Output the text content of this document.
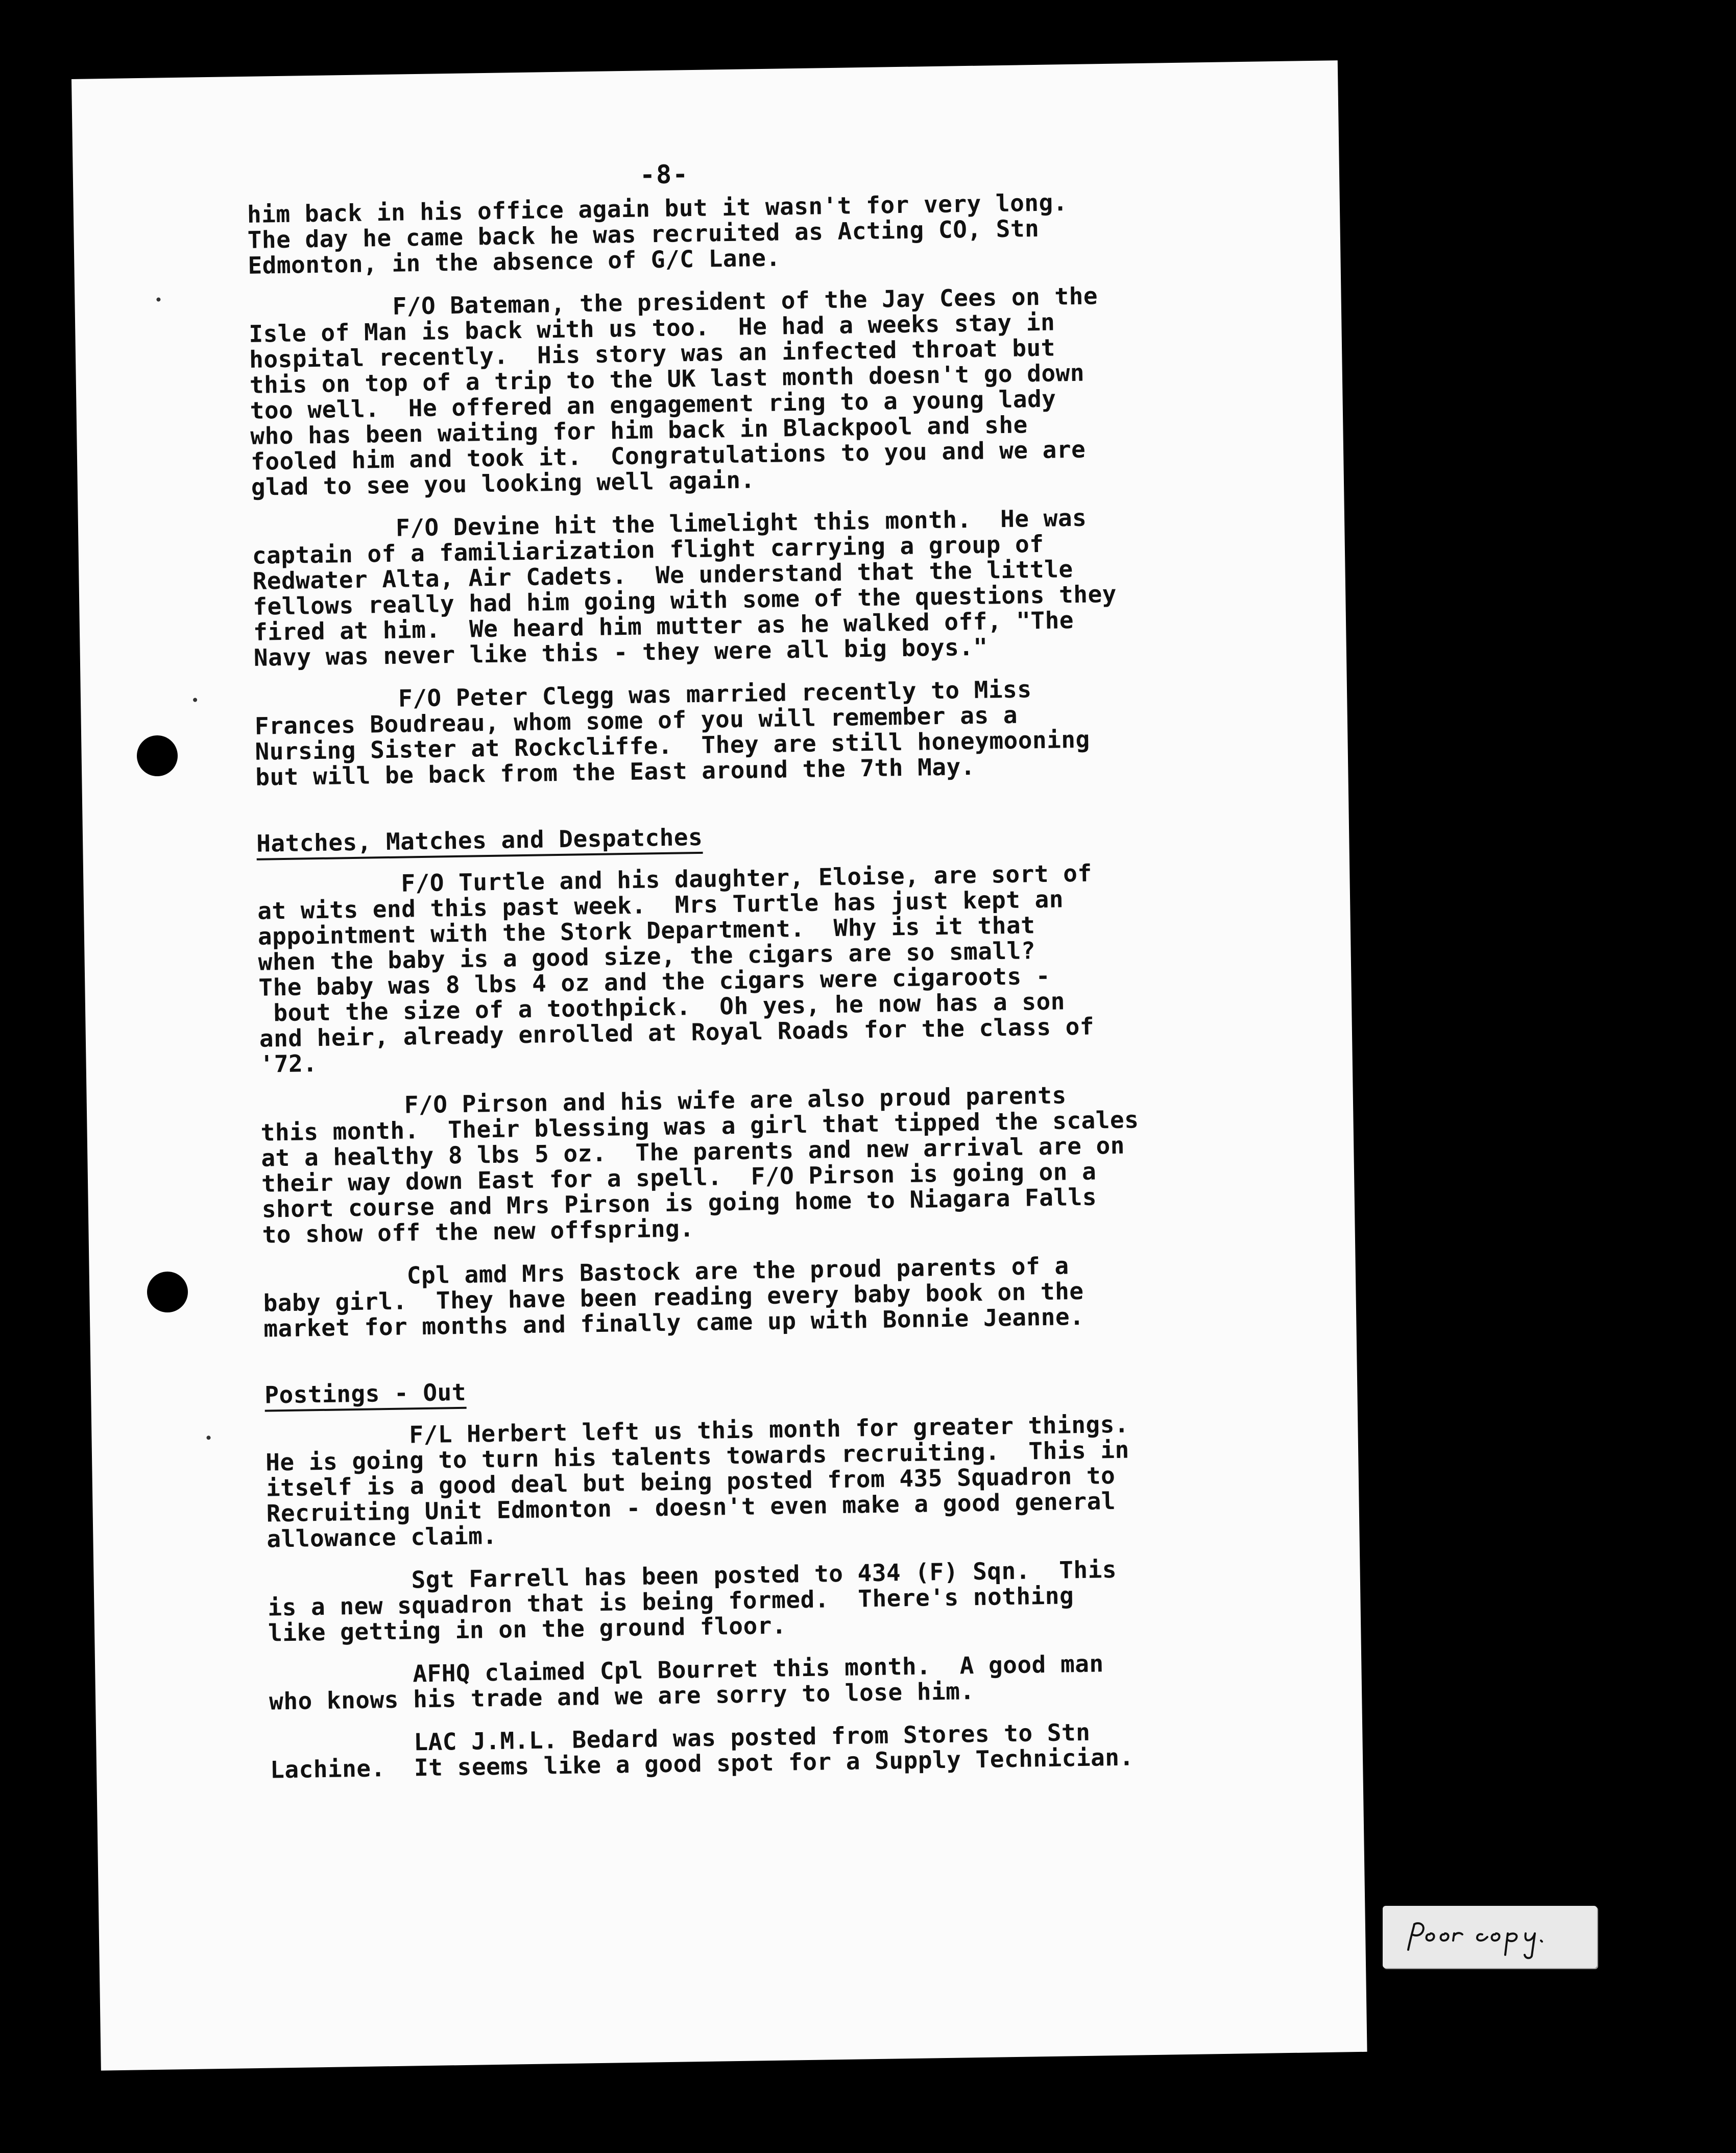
-8-

him back in his office again but it wasn't for very long.
The day he came back he was recruited as Acting CO, Stn
Edmonton, in the absence of G/C Lane.

F/O Bateman, the president of the Jay Cees on the
Isle of Man is back with us too.  He had a weeks stay in
hospital recently.  His story was an infected throat but
this on top of a trip to the UK last month doesn't go down
too well.  He offered an engagement ring to a young lady
who has been waiting for him back in Blackpool and she
fooled him and took it.  Congratulations to you and we are
glad to see you looking well again.

F/O Devine hit the limelight this month.  He was
captain of a familiarization flight carrying a group of
Redwater Alta, Air Cadets.  We understand that the little
fellows really had him going with some of the questions they
fired at him.  We heard him mutter as he walked off, "The
Navy was never like this - they were all big boys."

F/O Peter Clegg was married recently to Miss
Frances Boudreau, whom some of you will remember as a
Nursing Sister at Rockcliffe.  They are still honeymooning
but will be back from the East around the 7th May.

Hatches, Matches and Despatches

F/O Turtle and his daughter, Eloise, are sort of
at wits end this past week.  Mrs Turtle has just kept an
appointment with the Stork Department.  Why is it that
when the baby is a good size, the cigars are so small?
The baby was 8 lbs 4 oz and the cigars were cigaroots -
bout the size of a toothpick.  Oh yes, he now has a son
and heir, already enrolled at Royal Roads for the class of
'72.

F/O Pirson and his wife are also proud parents
this month.  Their blessing was a girl that tipped the scales
at a healthy 8 lbs 5 oz.  The parents and new arrival are on
their way down East for a spell.  F/O Pirson is going on a
short course and Mrs Pirson is going home to Niagara Falls
to show off the new offspring.

Cpl amd Mrs Bastock are the proud parents of a
baby girl.  They have been reading every baby book on the
market for months and finally came up with Bonnie Jeanne.

Postings - Out

F/L Herbert left us this month for greater things.
He is going to turn his talents towards recruiting.  This in
itself is a good deal but being posted from 435 Squadron to
Recruiting Unit Edmonton - doesn't even make a good general
allowance claim.

Sgt Farrell has been posted to 434 (F) Sqn.  This
is a new squadron that is being formed.  There's nothing
like getting in on the ground floor.

AFHQ claimed Cpl Bourret this month.  A good man
who knows his trade and we are sorry to lose him.

LAC J.M.L. Bedard was posted from Stores to Stn
Lachine.  It seems like a good spot for a Supply Technician.
